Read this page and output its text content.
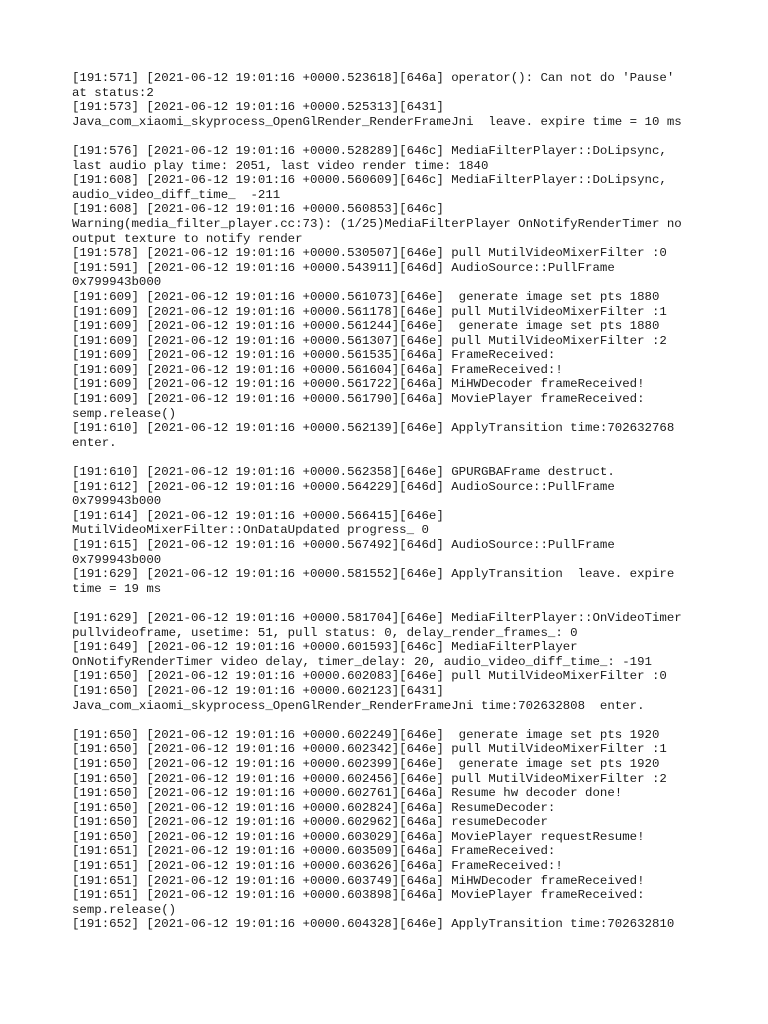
[191:571] [2021-06-12 19:01:16 +0000.523618][646a] operator(): Can not do 'Pause'
at status:2
[191:573] [2021-06-12 19:01:16 +0000.525313][6431]
Java_com_xiaomi_skyprocess_OpenGlRender_RenderFrameJni  leave. expire time = 10 ms
[191:576] [2021-06-12 19:01:16 +0000.528289][646c] MediaFilterPlayer::DoLipsync,
last audio play time: 2051, last video render time: 1840
[191:608] [2021-06-12 19:01:16 +0000.560609][646c] MediaFilterPlayer::DoLipsync,
audio_video_diff_time_  -211
[191:608] [2021-06-12 19:01:16 +0000.560853][646c]
Warning(media_filter_player.cc:73): (1/25)MediaFilterPlayer OnNotifyRenderTimer no
output texture to notify render
[191:578] [2021-06-12 19:01:16 +0000.530507][646e] pull MutilVideoMixerFilter :0
[191:591] [2021-06-12 19:01:16 +0000.543911][646d] AudioSource::PullFrame
0x799943b000
[191:609] [2021-06-12 19:01:16 +0000.561073][646e]  generate image set pts 1880
[191:609] [2021-06-12 19:01:16 +0000.561178][646e] pull MutilVideoMixerFilter :1
[191:609] [2021-06-12 19:01:16 +0000.561244][646e]  generate image set pts 1880
[191:609] [2021-06-12 19:01:16 +0000.561307][646e] pull MutilVideoMixerFilter :2
[191:609] [2021-06-12 19:01:16 +0000.561535][646a] FrameReceived:
[191:609] [2021-06-12 19:01:16 +0000.561604][646a] FrameReceived:!
[191:609] [2021-06-12 19:01:16 +0000.561722][646a] MiHWDecoder frameReceived!
[191:609] [2021-06-12 19:01:16 +0000.561790][646a] MoviePlayer frameReceived:
semp.release()
[191:610] [2021-06-12 19:01:16 +0000.562139][646e] ApplyTransition time:702632768
enter.
[191:610] [2021-06-12 19:01:16 +0000.562358][646e] GPURGBAFrame destruct.
[191:612] [2021-06-12 19:01:16 +0000.564229][646d] AudioSource::PullFrame
0x799943b000
[191:614] [2021-06-12 19:01:16 +0000.566415][646e]
MutilVideoMixerFilter::OnDataUpdated progress_ 0
[191:615] [2021-06-12 19:01:16 +0000.567492][646d] AudioSource::PullFrame
0x799943b000
[191:629] [2021-06-12 19:01:16 +0000.581552][646e] ApplyTransition  leave. expire
time = 19 ms
[191:629] [2021-06-12 19:01:16 +0000.581704][646e] MediaFilterPlayer::OnVideoTimer
pullvideoframe, usetime: 51, pull status: 0, delay_render_frames_: 0
[191:649] [2021-06-12 19:01:16 +0000.601593][646c] MediaFilterPlayer
OnNotifyRenderTimer video delay, timer_delay: 20, audio_video_diff_time_: -191
[191:650] [2021-06-12 19:01:16 +0000.602083][646e] pull MutilVideoMixerFilter :0
[191:650] [2021-06-12 19:01:16 +0000.602123][6431]
Java_com_xiaomi_skyprocess_OpenGlRender_RenderFrameJni time:702632808  enter.
[191:650] [2021-06-12 19:01:16 +0000.602249][646e]  generate image set pts 1920
[191:650] [2021-06-12 19:01:16 +0000.602342][646e] pull MutilVideoMixerFilter :1
[191:650] [2021-06-12 19:01:16 +0000.602399][646e]  generate image set pts 1920
[191:650] [2021-06-12 19:01:16 +0000.602456][646e] pull MutilVideoMixerFilter :2
[191:650] [2021-06-12 19:01:16 +0000.602761][646a] Resume hw decoder done!
[191:650] [2021-06-12 19:01:16 +0000.602824][646a] ResumeDecoder:
[191:650] [2021-06-12 19:01:16 +0000.602962][646a] resumeDecoder
[191:650] [2021-06-12 19:01:16 +0000.603029][646a] MoviePlayer requestResume!
[191:651] [2021-06-12 19:01:16 +0000.603509][646a] FrameReceived:
[191:651] [2021-06-12 19:01:16 +0000.603626][646a] FrameReceived:!
[191:651] [2021-06-12 19:01:16 +0000.603749][646a] MiHWDecoder frameReceived!
[191:651] [2021-06-12 19:01:16 +0000.603898][646a] MoviePlayer frameReceived:
semp.release()
[191:652] [2021-06-12 19:01:16 +0000.604328][646e] ApplyTransition time:702632810
